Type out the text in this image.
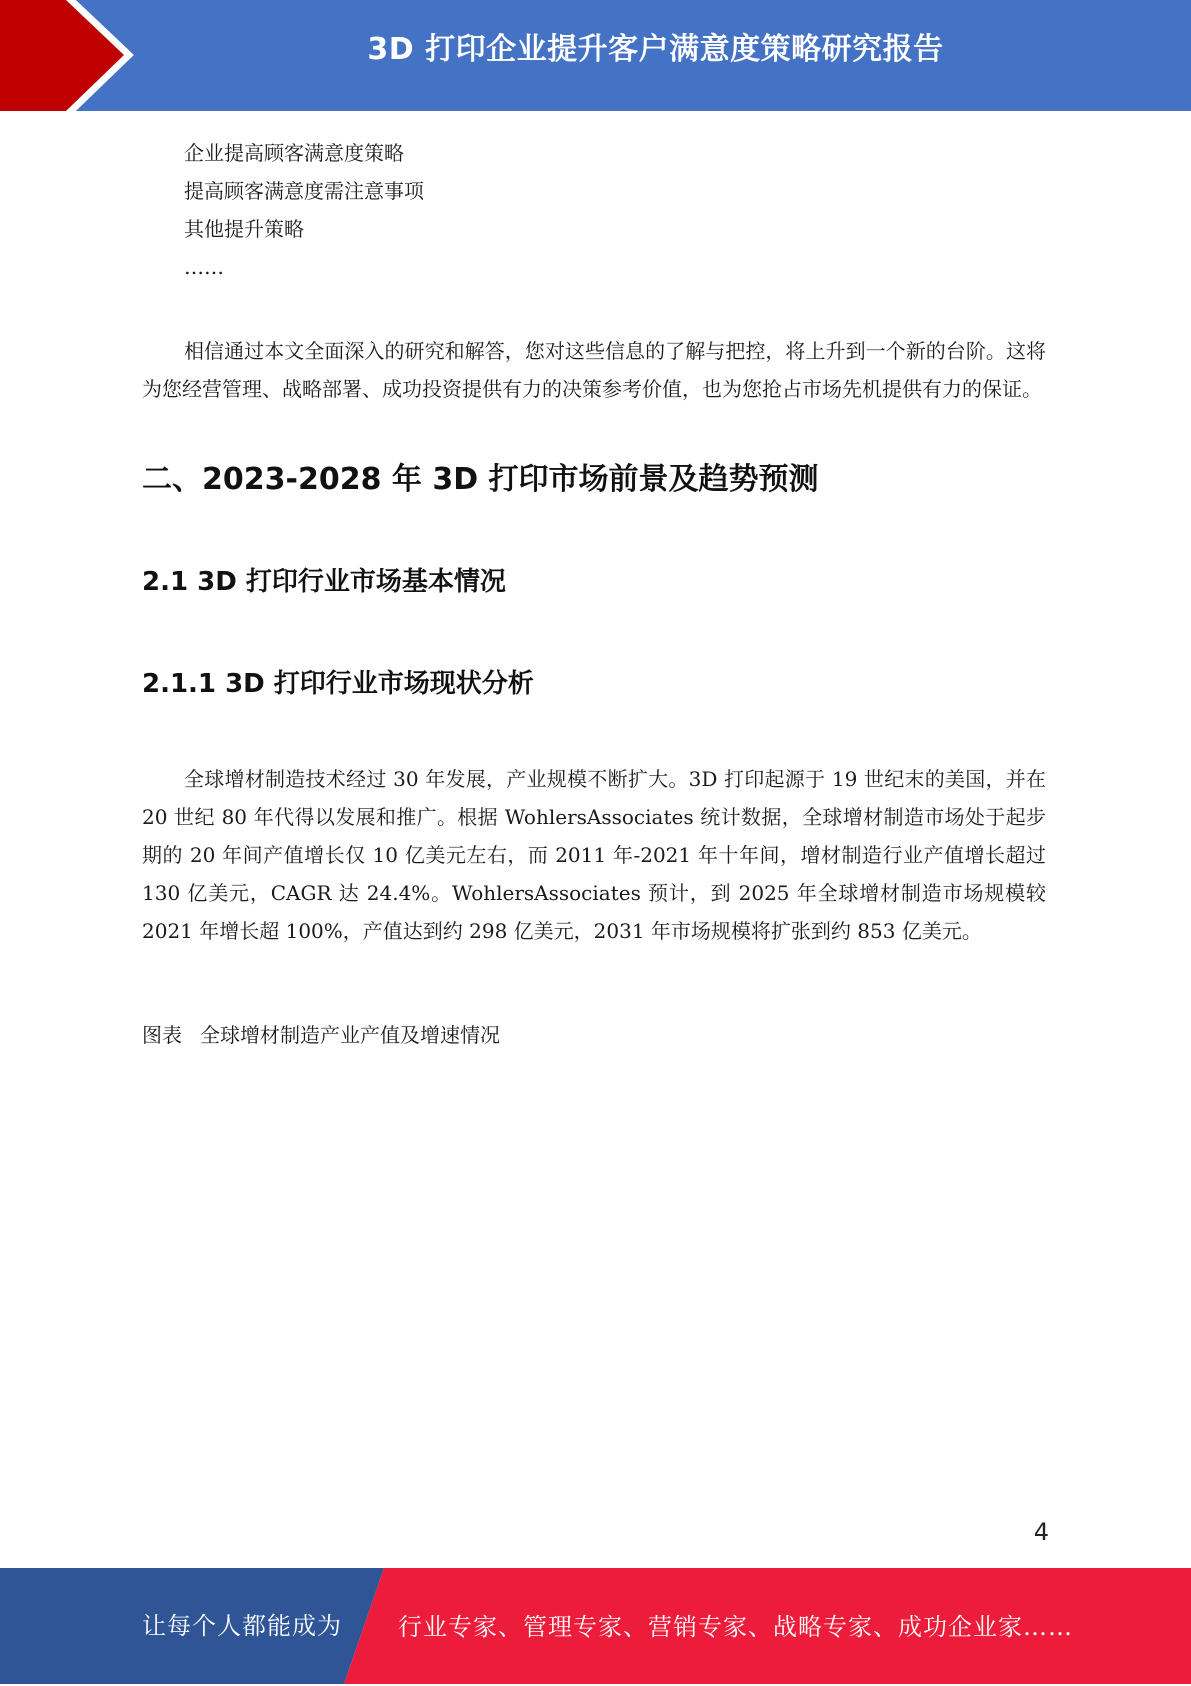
3D 打印企业提升客户满意度策略研究报告

企业提高顾客满意度策略

提高顾客满意度需注意事项

其他提升策略

……

相信通过本文全面深入的研究和解答，您对这些信息的了解与把控，将上升到一个新的台阶。这将为您经营管理、战略部署、成功投资提供有力的决策参考价值，也为您抢占市场先机提供有力的保证。

二、2023-2028 年 3D 打印市场前景及趋势预测
2.1 3D 打印行业市场基本情况
2.1.1 3D 打印行业市场现状分析

全球增材制造技术经过 30 年发展，产业规模不断扩大。3D 打印起源于 19 世纪末的美国，并在 20 世纪 80 年代得以发展和推广。根据 WohlersAssociates 统计数据，全球增材制造市场处于起步期的 20 年间产值增长仅 10 亿美元左右，而 2011 年-2021 年十年间，增材制造行业产值增长超过 130 亿美元，CAGR 达 24.4%。WohlersAssociates 预计，到 2025 年全球增材制造市场规模较 2021 年增长超 100%，产值达到约 298 亿美元，2031 年市场规模将扩张到约 853 亿美元。

图表 全球增材制造产业产值及增速情况

4
让每个人都能成为 行业专家、管理专家、营销专家、战略专家、成功企业家……
